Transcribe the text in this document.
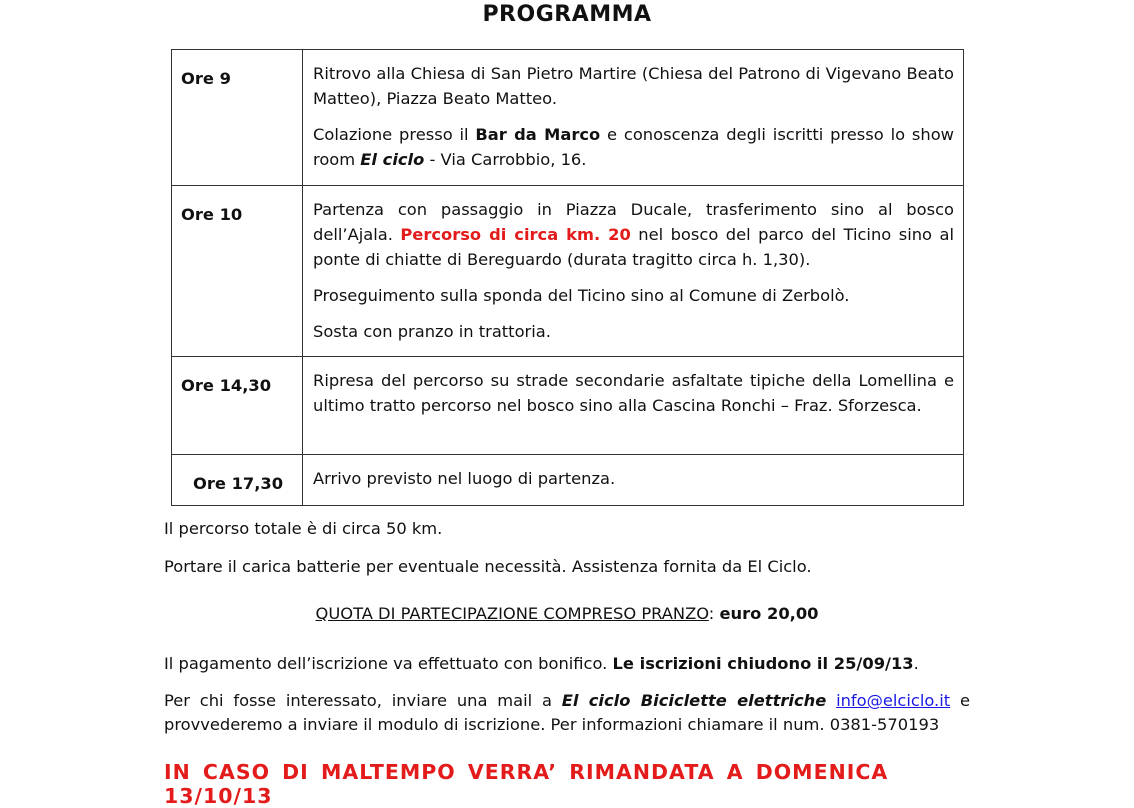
PROGRAMMA
Ore 9	Ritrovo alla Chiesa di San Pietro Martire (Chiesa del Patrono di Vigevano Beato Matteo), Piazza Beato Matteo.

Colazione presso il Bar da Marco e conoscenza degli iscritti presso lo show room El ciclo - Via Carrobbio, 16.

Ore 10	Partenza con passaggio in Piazza Ducale, trasferimento sino al bosco dell’Ajala. Percorso di circa km. 20 nel bosco del parco del Ticino sino al ponte di chiatte di Bereguardo (durata tragitto circa h. 1,30).

Proseguimento sulla sponda del Ticino sino al Comune di Zerbolò.

Sosta con pranzo in trattoria.

Ore 14,30	Ripresa del percorso su strade secondarie asfaltate tipiche della Lomellina e ultimo tratto percorso nel bosco sino alla Cascina Ronchi – Fraz. Sforzesca.

Ore 17,30	Arrivo previsto nel luogo di partenza.

Il percorso totale è di circa 50 km.
Portare il carica batterie per eventuale necessità. Assistenza fornita da El Ciclo.
QUOTA DI PARTECIPAZIONE COMPRESO PRANZO: euro 20,00
Il pagamento dell’iscrizione va effettuato con bonifico. Le iscrizioni chiudono il 25/09/13.
Per chi fosse interessato, inviare una mail a El ciclo Biciclette elettriche info@elciclo.it e provvederemo a inviare il modulo di iscrizione. Per informazioni chiamare il num. 0381-570193
IN CASO DI MALTEMPO VERRA’ RIMANDATA A DOMENICA 13/10/13
